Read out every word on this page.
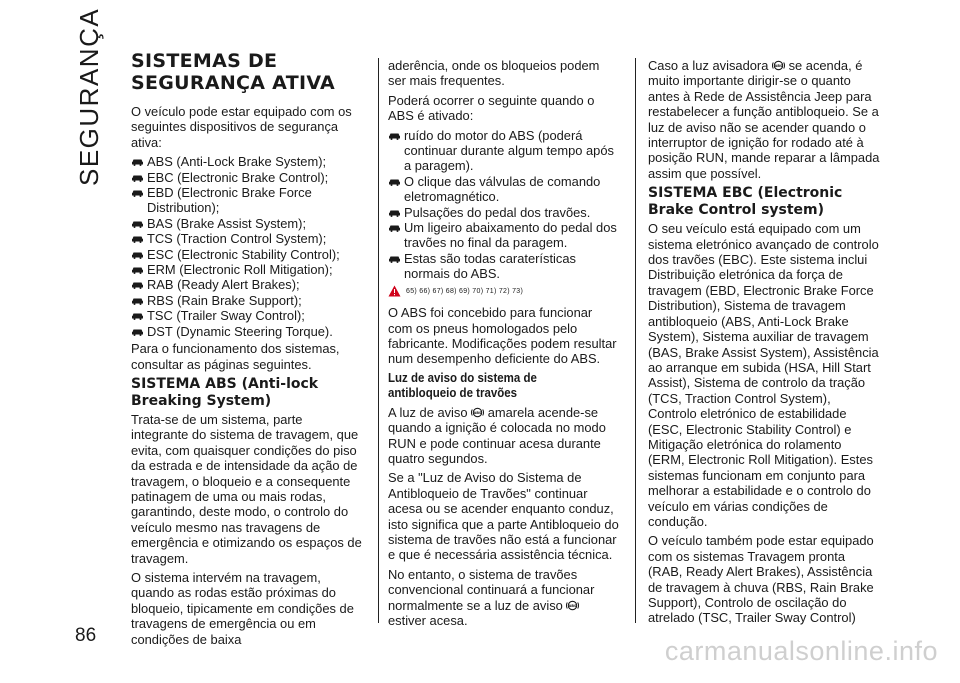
SEGURANÇA
86
SISTEMAS DE SEGURANÇA ATIVA

O veículo pode estar equipado com os seguintes dispositivos de segurança ativa:

ABS (Anti-Lock Brake System);
EBC (Electronic Brake Control);
EBD (Electronic Brake Force Distribution);
BAS (Brake Assist System);
TCS (Traction Control System);
ESC (Electronic Stability Control);
ERM (Electronic Roll Mitigation);
RAB (Ready Alert Brakes);
RBS (Rain Brake Support);
TSC (Trailer Sway Control);
DST (Dynamic Steering Torque).

Para o funcionamento dos sistemas, consultar as páginas seguintes.

SISTEMA ABS (Anti-lock Breaking System)

Trata-se de um sistema, parte integrante do sistema de travagem, que evita, com quaisquer condições do piso da estrada e de intensidade da ação de travagem, o bloqueio e a consequente patinagem de uma ou mais rodas, garantindo, deste modo, o controlo do veículo mesmo nas travagens de emergência e otimizando os espaços de travagem.

O sistema intervém na travagem, quando as rodas estão próximas do bloqueio, tipicamente em condições de travagens de emergência ou em condições de baixa

aderência, onde os bloqueios podem ser mais frequentes.

Poderá ocorrer o seguinte quando o ABS é ativado:

ruído do motor do ABS (poderá continuar durante algum tempo após a paragem).
O clique das válvulas de comando eletromagnético.
Pulsações do pedal dos travões.
Um ligeiro abaixamento do pedal dos travões no final da paragem.
Estas são todas caraterísticas normais do ABS.
65) 66) 67) 68) 69) 70) 71) 72) 73)

O ABS foi concebido para funcionar com os pneus homologados pelo fabricante. Modificações podem resultar num desempenho deficiente do ABS.

Luz de aviso do sistema de antibloqueio de travões

A luz de aviso ABS amarela acende-se quando a ignição é colocada no modo RUN e pode continuar acesa durante quatro segundos.

Se a "Luz de Aviso do Sistema de Antibloqueio de Travões" continuar acesa ou se acender enquanto conduz, isto significa que a parte Antibloqueio do sistema de travões não está a funcionar e que é necessária assistência técnica.

No entanto, o sistema de travões convencional continuará a funcionar normalmente se a luz de aviso ABS
estiver acesa.

Caso a luz avisadora ABS se acenda, é muito importante dirigir-se o quanto antes à Rede de Assistência Jeep para restabelecer a função antibloqueio. Se a luz de aviso não se acender quando o interruptor de ignição for rodado até à posição RUN, mande reparar a lâmpada assim que possível.

SISTEMA EBC (Electronic Brake Control system)

O seu veículo está equipado com um sistema eletrónico avançado de controlo dos travões (EBC). Este sistema inclui Distribuição eletrónica da força de travagem (EBD, Electronic Brake Force Distribution), Sistema de travagem antibloqueio (ABS, Anti-Lock Brake System), Sistema auxiliar de travagem (BAS, Brake Assist System), Assistência ao arranque em subida (HSA, Hill Start Assist), Sistema de controlo da tração (TCS, Traction Control System), Controlo eletrónico de estabilidade (ESC, Electronic Stability Control) e Mitigação eletrónica do rolamento (ERM, Electronic Roll Mitigation). Estes sistemas funcionam em conjunto para melhorar a estabilidade e o controlo do veículo em várias condições de condução.

O veículo também pode estar equipado com os sistemas Travagem pronta (RAB, Ready Alert Brakes), Assistência de travagem à chuva (RBS, Rain Brake Support), Controlo de oscilação do atrelado (TSC, Trailer Sway Control)

carmanualsonline.info
